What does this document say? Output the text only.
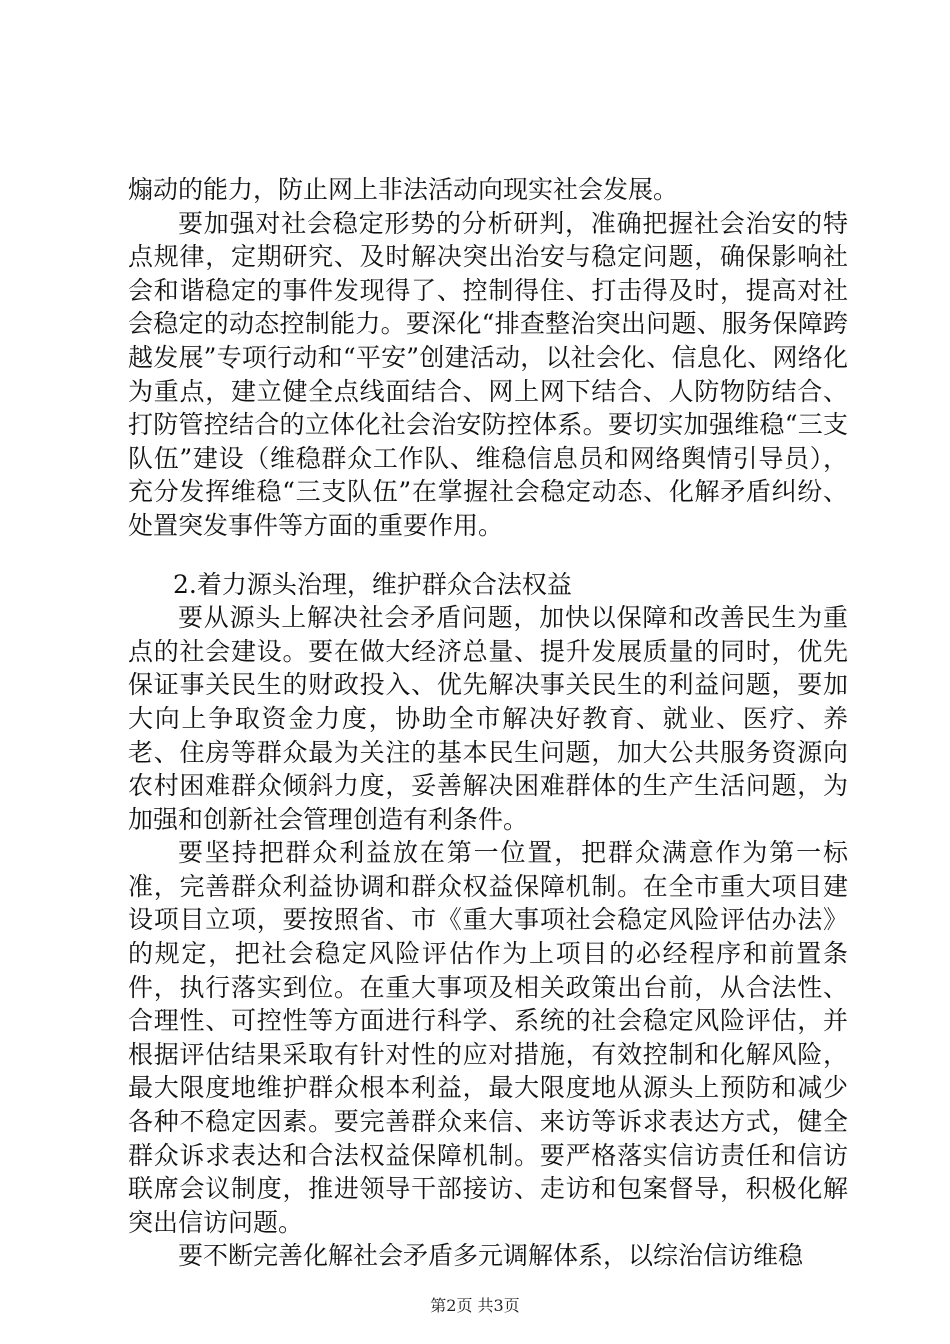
煽动的能力，防止网上非法活动向现实社会发展。

要加强对社会稳定形势的分析研判，准确把握社会治安的特点规律，定期研究、及时解决突出治安与稳定问题，确保影响社会和谐稳定的事件发现得了、控制得住、打击得及时，提高对社会稳定的动态控制能力。要深化“排查整治突出问题、服务保障跨越发展”专项行动和“平安”创建活动，以社会化、信息化、网络化为重点，建立健全点线面结合、网上网下结合、人防物防结合、打防管控结合的立体化社会治安防控体系。要切实加强维稳“三支队伍”建设（维稳群众工作队、维稳信息员和网络舆情引导员），充分发挥维稳“三支队伍”在掌握社会稳定动态、化解矛盾纠纷、处置突发事件等方面的重要作用。

2.着力源头治理，维护群众合法权益

要从源头上解决社会矛盾问题，加快以保障和改善民生为重点的社会建设。要在做大经济总量、提升发展质量的同时，优先保证事关民生的财政投入、优先解决事关民生的利益问题，要加大向上争取资金力度，协助全市解决好教育、就业、医疗、养老、住房等群众最为关注的基本民生问题，加大公共服务资源向农村困难群众倾斜力度，妥善解决困难群体的生产生活问题，为加强和创新社会管理创造有利条件。

要坚持把群众利益放在第一位置，把群众满意作为第一标准，完善群众利益协调和群众权益保障机制。在全市重大项目建设项目立项，要按照省、市《重大事项社会稳定风险评估办法》的规定，把社会稳定风险评估作为上项目的必经程序和前置条件，执行落实到位。在重大事项及相关政策出台前，从合法性、合理性、可控性等方面进行科学、系统的社会稳定风险评估，并根据评估结果采取有针对性的应对措施，有效控制和化解风险，最大限度地维护群众根本利益，最大限度地从源头上预防和减少各种不稳定因素。要完善群众来信、来访等诉求表达方式，健全群众诉求表达和合法权益保障机制。要严格落实信访责任和信访联席会议制度，推进领导干部接访、走访和包案督导，积极化解突出信访问题。

要不断完善化解社会矛盾多元调解体系，以综治信访维稳

第2页 共3页
